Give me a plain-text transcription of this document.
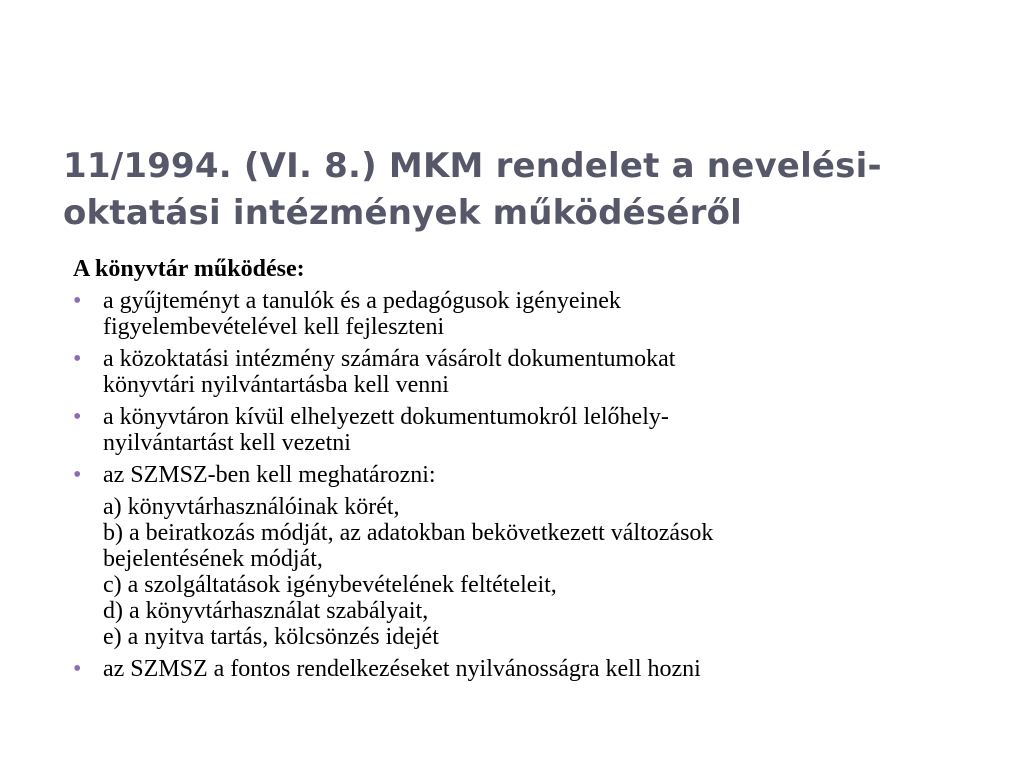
11/1994. (VI. 8.) MKM rendelet a nevelési-
oktatási intézmények működéséről
A könyvtár működése:
• a gyűjteményt a tanulók és a pedagógusok igényeinek
figyelembevételével kell fejleszteni
• a közoktatási intézmény számára vásárolt dokumentumokat
könyvtári nyilvántartásba kell venni
• a könyvtáron kívül elhelyezett dokumentumokról lelőhely-
nyilvántartást kell vezetni
• az SZMSZ-ben kell meghatározni:
a) könyvtárhasználóinak körét,
b) a beiratkozás módját, az adatokban bekövetkezett változások
bejelentésének módját,
c) a szolgáltatások igénybevételének feltételeit,
d) a könyvtárhasználat szabályait,
e) a nyitva tartás, kölcsönzés idejét
• az SZMSZ a fontos rendelkezéseket nyilvánosságra kell hozni
